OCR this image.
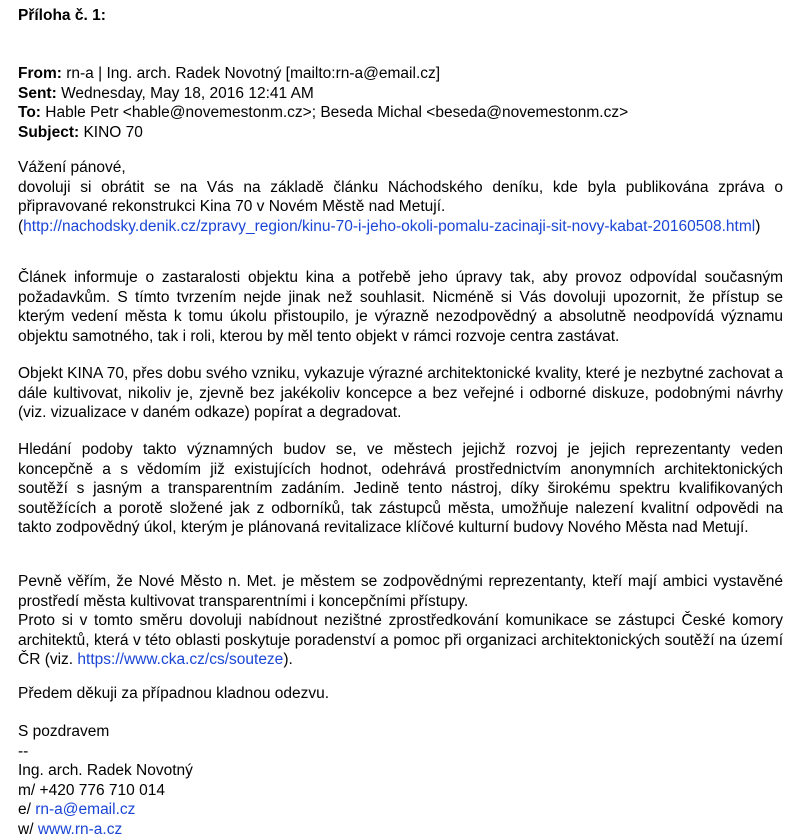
Příloha č. 1:
From: rn-a | Ing. arch. Radek Novotný [mailto:rn-a@email.cz]
Sent: Wednesday, May 18, 2016 12:41 AM
To: Hable Petr <hable@novemestonm.cz>; Beseda Michal <beseda@novemestonm.cz>
Subject: KINO 70

Vážení pánové,

dovoluji si obrátit se na Vás na základě článku Náchodského deníku, kde byla publikována zpráva o připravované rekonstrukci Kina 70 v Novém Městě nad Metují.

(http://nachodsky.denik.cz/zpravy_region/kinu-70-i-jeho-okoli-pomalu-zacinaji-sit-novy-kabat-20160508.html)

Článek informuje o zastaralosti objektu kina a potřebě jeho úpravy tak, aby provoz odpovídal současným požadavkům. S tímto tvrzením nejde jinak než souhlasit. Nicméně si Vás dovoluji upozornit, že přístup se kterým vedení města k tomu úkolu přistoupilo, je výrazně nezodpovědný a absolutně neodpovídá významu objektu samotného, tak i roli, kterou by měl tento objekt v rámci rozvoje centra zastávat.

Objekt KINA 70, přes dobu svého vzniku, vykazuje výrazné architektonické kvality, které je nezbytné zachovat a dále kultivovat, nikoliv je, zjevně bez jakékoliv koncepce a bez veřejné i odborné diskuze, podobnými návrhy (viz. vizualizace v daném odkaze) popírat a degradovat.

Hledání podoby takto významných budov se, ve městech jejichž rozvoj je jejich reprezentanty veden koncepčně a s vědomím již existujících hodnot, odehrává prostřednictvím anonymních architektonických soutěží s jasným a transparentním zadáním. Jedině tento nástroj, díky širokému spektru kvalifikovaných soutěžících a porotě složené jak z odborníků, tak zástupců města, umožňuje nalezení kvalitní odpovědi na takto zodpovědný úkol, kterým je plánovaná revitalizace klíčové kulturní budovy Nového Města nad Metují.

Pevně věřím, že Nové Město n. Met. je městem se zodpovědnými reprezentanty, kteří mají ambici vystavěné prostředí města kultivovat transparentními i koncepčními přístupy.

Proto si v tomto směru dovoluji nabídnout nezištné zprostředkování komunikace se zástupci České komory architektů, která v této oblasti poskytuje poradenství a pomoc při organizaci architektonických soutěží na území ČR (viz. https://www.cka.cz/cs/souteze).

Předem děkuji za případnou kladnou odezvu.

S pozdravem
--
Ing. arch. Radek Novotný
m/ +420 776 710 014
e/ rn-a@email.cz
w/ www.rn-a.cz
